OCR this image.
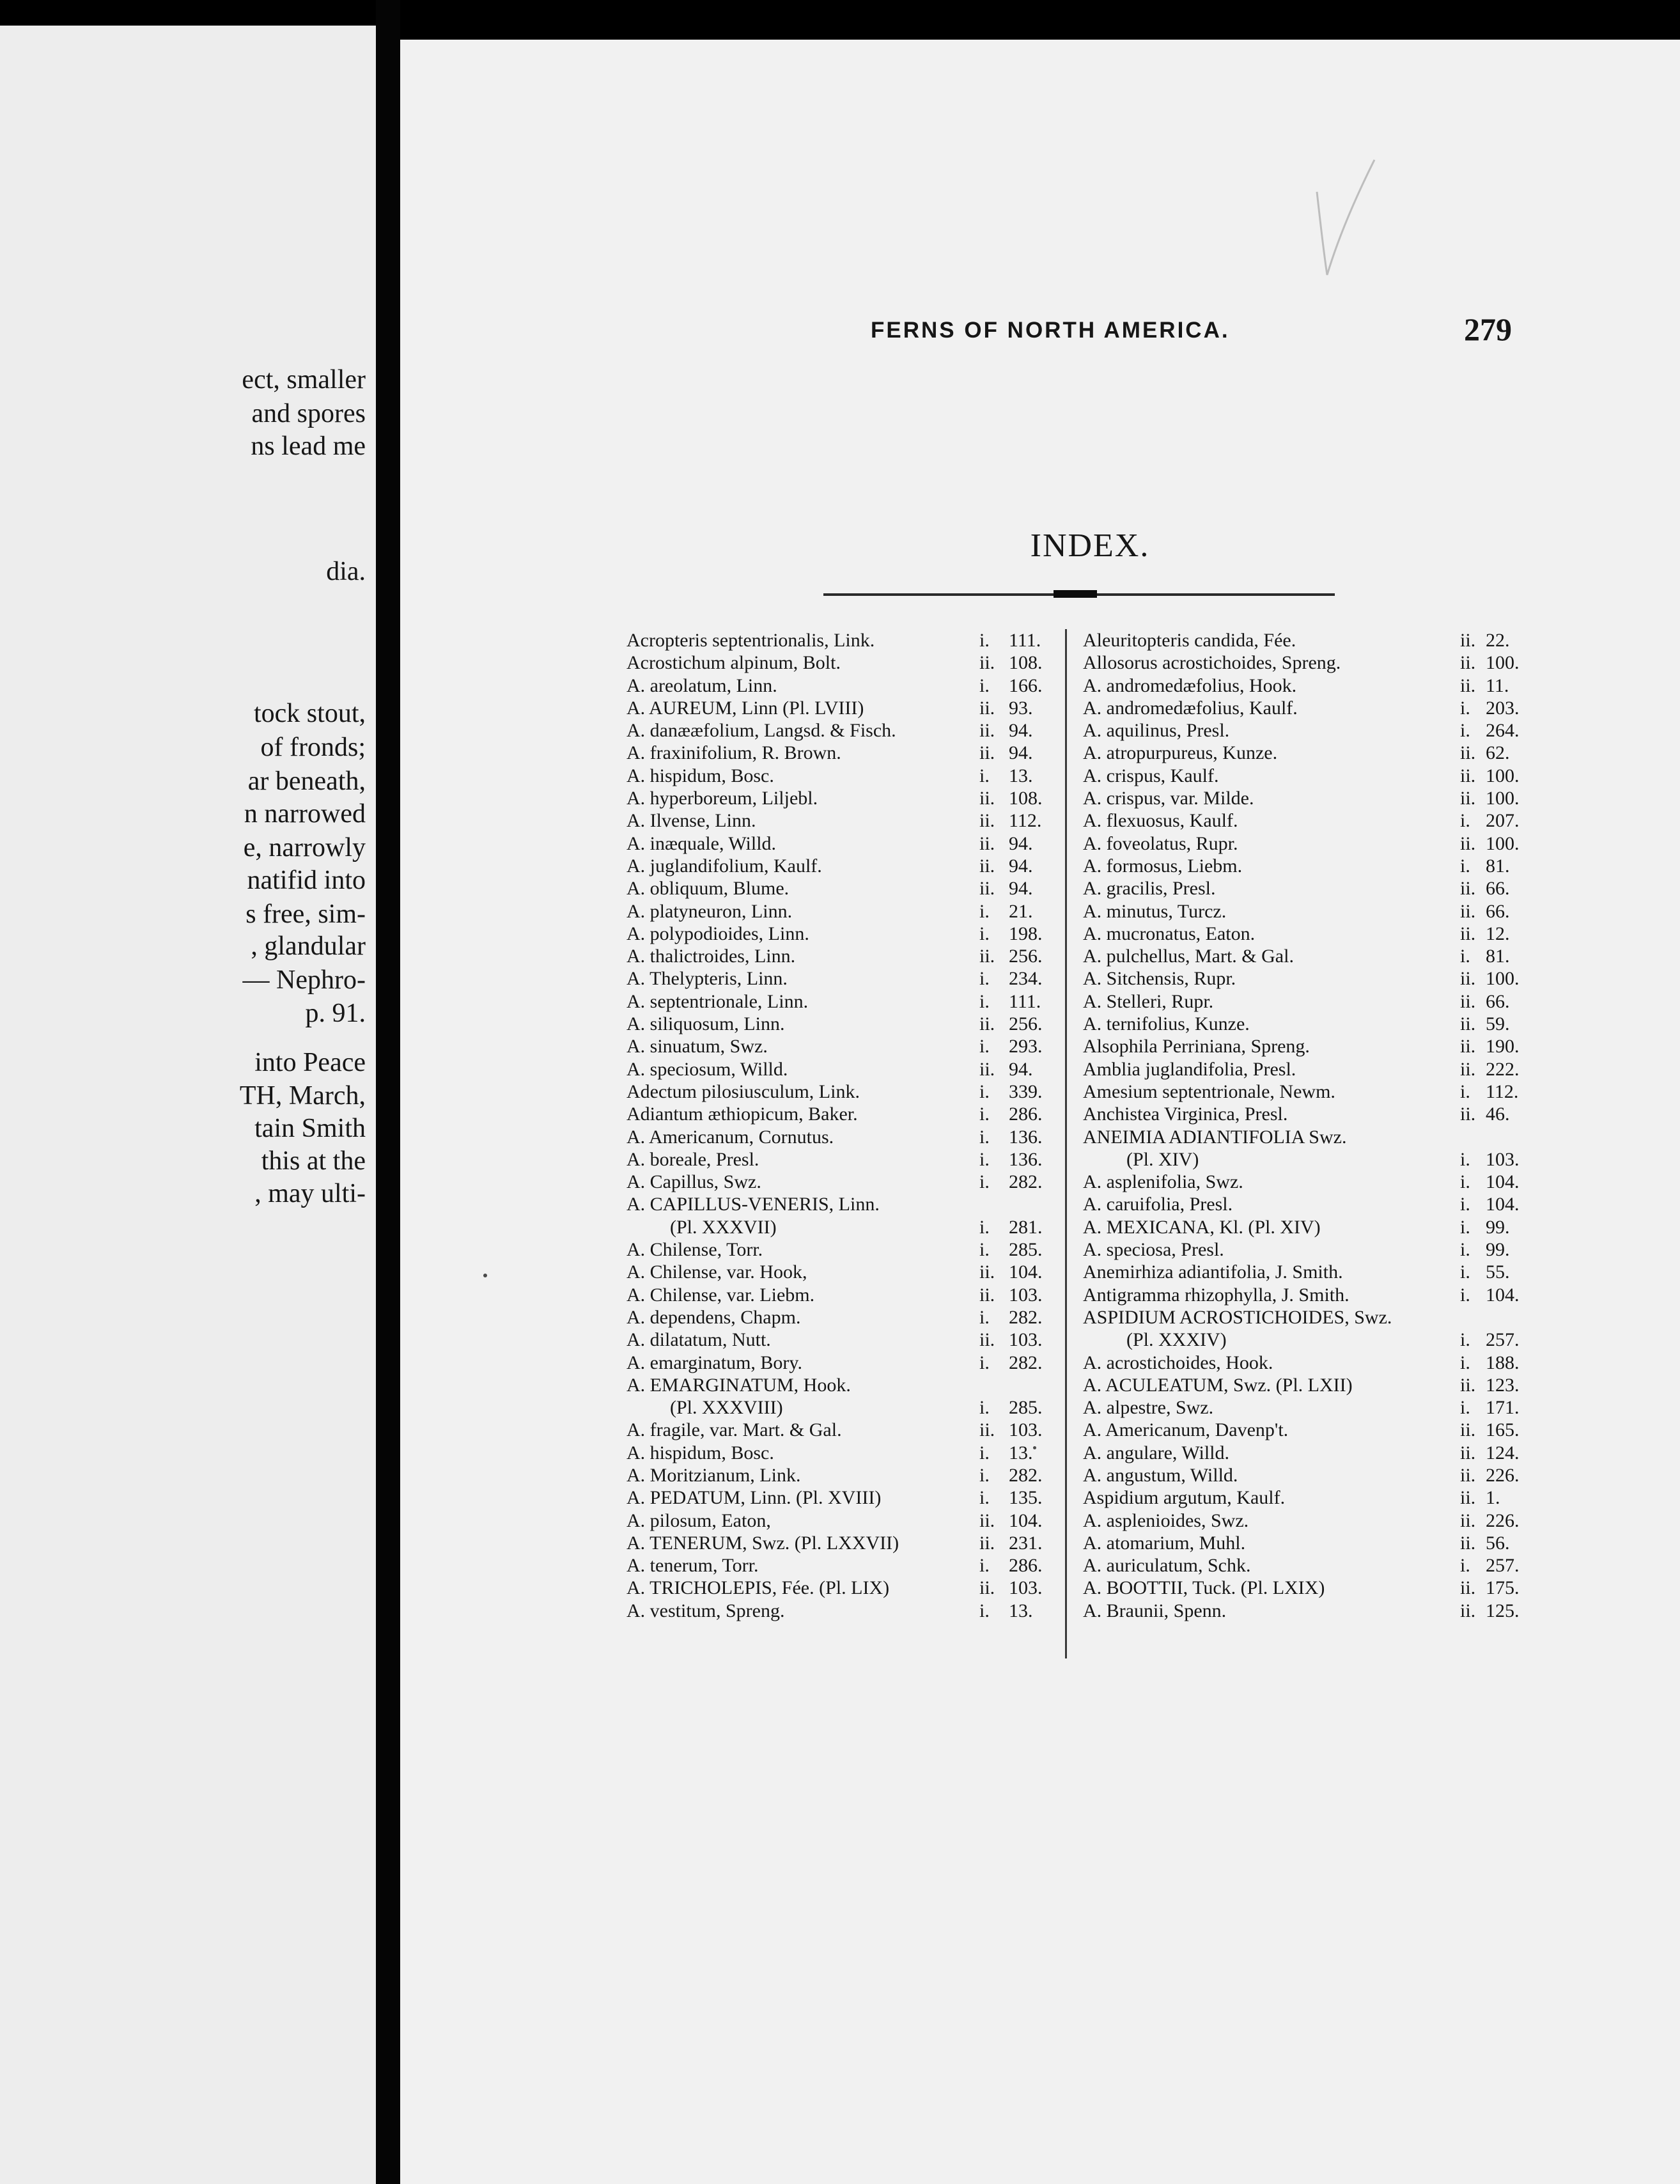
ect, smaller
and spores
ns lead me
dia.
tock stout,
of fronds;
ar beneath,
n narrowed
e, narrowly
natifid into
s free, sim-
, glandular
— Nephro-
p. 91.
into Peace
TH, March,
tain Smith
this at the
, may ulti-
FERNS OF NORTH AMERICA.	279
INDEX.
Acropteris septentrionalis, Link.	i. 111.
Acrostichum alpinum, Bolt.	ii. 108.
A. areolatum, Linn.	i. 166.
A. AUREUM, Linn (Pl. LVIII)	ii. 93.
A. danææfolium, Langsd. & Fisch.	ii. 94.
A. fraxinifolium, R. Brown.	ii. 94.
A. hispidum, Bosc.	i. 13.
A. hyperboreum, Liljebl.	ii. 108.
A. Ilvense, Linn.	ii. 112.
A. inæquale, Willd.	ii. 94.
A. juglandifolium, Kaulf.	ii. 94.
A. obliquum, Blume.	ii. 94.
A. platyneuron, Linn.	i. 21.
A. polypodioides, Linn.	i. 198.
A. thalictroides, Linn.	ii. 256.
A. Thelypteris, Linn.	i. 234.
A. septentrionale, Linn.	i. 111.
A. siliquosum, Linn.	ii. 256.
A. sinuatum, Swz.	i. 293.
A. speciosum, Willd.	ii. 94.
Adectum pilosiusculum, Link.	i. 339.
Adiantum æthiopicum, Baker.	i. 286.
A. Americanum, Cornutus.	i. 136.
A. boreale, Presl.	i. 136.
A. Capillus, Swz.	i. 282.
A. CAPILLUS-VENERIS, Linn.
(Pl. XXXVII)	i. 281.
A. Chilense, Torr.	i. 285.
A. Chilense, var. Hook,	ii. 104.
A. Chilense, var. Liebm.	ii. 103.
A. dependens, Chapm.	i. 282.
A. dilatatum, Nutt.	ii. 103.
A. emarginatum, Bory.	i. 282.
A. EMARGINATUM, Hook.
(Pl. XXXVIII)	i. 285.
A. fragile, var. Mart. & Gal.	ii. 103.
A. hispidum, Bosc.	i. 13.
A. Moritzianum, Link.	i. 282.
A. PEDATUM, Linn. (Pl. XVIII)	i. 135.
A. pilosum, Eaton,	ii. 104.
A. TENERUM, Swz. (Pl. LXXVII)	ii. 231.
A. tenerum, Torr.	i. 286.
A. TRICHOLEPIS, Fée. (Pl. LIX)	ii. 103.
A. vestitum, Spreng.	i. 13.
Aleuritopteris candida, Fée.	ii. 22.
Allosorus acrostichoides, Spreng.	ii. 100.
A. andromedæfolius, Hook.	ii. 11.
A. andromedæfolius, Kaulf.	i. 203.
A. aquilinus, Presl.	i. 264.
A. atropurpureus, Kunze.	ii. 62.
A. crispus, Kaulf.	ii. 100.
A. crispus, var. Milde.	ii. 100.
A. flexuosus, Kaulf.	i. 207.
A. foveolatus, Rupr.	ii. 100.
A. formosus, Liebm.	i. 81.
A. gracilis, Presl.	ii. 66.
A. minutus, Turcz.	ii. 66.
A. mucronatus, Eaton.	ii. 12.
A. pulchellus, Mart. & Gal.	i. 81.
A. Sitchensis, Rupr.	ii. 100.
A. Stelleri, Rupr.	ii. 66.
A. ternifolius, Kunze.	ii. 59.
Alsophila Perriniana, Spreng.	ii. 190.
Amblia juglandifolia, Presl.	ii. 222.
Amesium septentrionale, Newm.	i. 112.
Anchistea Virginica, Presl.	ii. 46.
ANEIMIA ADIANTIFOLIA Swz.
(Pl. XIV)	i. 103.
A. asplenifolia, Swz.	i. 104.
A. caruifolia, Presl.	i. 104.
A. MEXICANA, Kl. (Pl. XIV)	i. 99.
A. speciosa, Presl.	i. 99.
Anemirhiza adiantifolia, J. Smith.	i. 55.
Antigramma rhizophylla, J. Smith.	i. 104.
ASPIDIUM ACROSTICHOIDES, Swz.
(Pl. XXXIV)	i. 257.
A. acrostichoides, Hook.	i. 188.
A. ACULEATUM, Swz. (Pl. LXII)	ii. 123.
A. alpestre, Swz.	i. 171.
A. Americanum, Davenp't.	ii. 165.
A. angulare, Willd.	ii. 124.
A. angustum, Willd.	ii. 226.
Aspidium argutum, Kaulf.	ii. 1.
A. asplenioides, Swz.	ii. 226.
A. atomarium, Muhl.	ii. 56.
A. auriculatum, Schk.	i. 257.
A. BOOTTII, Tuck. (Pl. LXIX)	ii. 175.
A. Braunii, Spenn.	ii. 125.
